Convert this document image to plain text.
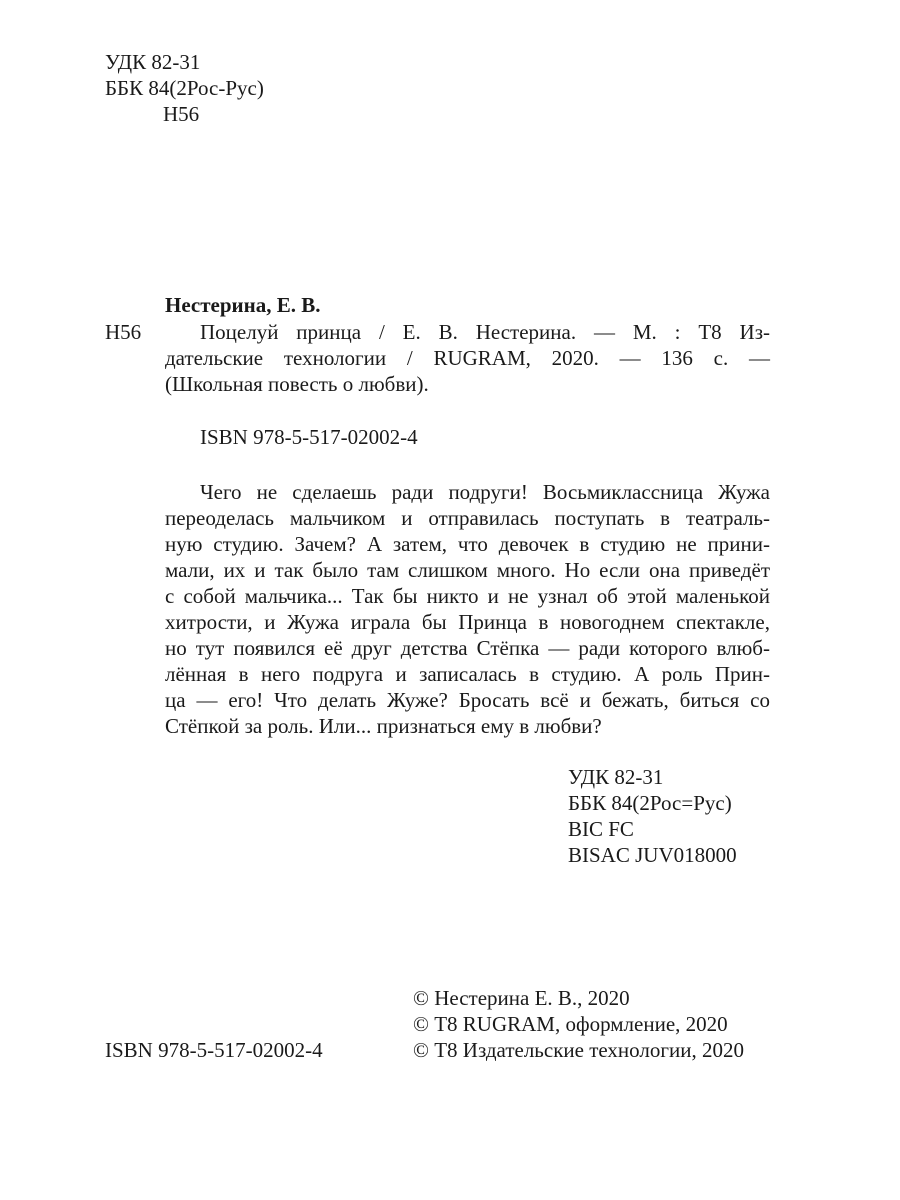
УДК 82-31
ББК 84(2Рос-Рус)
Н56
Нестерина, Е. В.
Н56	Поцелуй принца / Е. В. Нестерина. — М. : Т8 Из-
дательские технологии / RUGRAM, 2020. — 136 с. —
(Школьная повесть о любви).
ISBN 978-5-517-02002-4
Чего не сделаешь ради подруги! Восьмиклассница Жужа
переоделась мальчиком и отправилась поступать в театраль-
ную студию. Зачем? А затем, что девочек в студию не прини-
мали, их и так было там слишком много. Но если она приведёт
с собой мальчика... Так бы никто и не узнал об этой маленькой
хитрости, и Жужа играла бы Принца в новогоднем спектакле,
но тут появился её друг детства Стёпка — ради которого влюб-
лённая в него подруга и записалась в студию. А роль Прин-
ца — его! Что делать Жуже? Бросать всё и бежать, биться со
Стёпкой за роль. Или... признаться ему в любви?
УДК 82-31
ББК 84(2Рос=Рус)
BIC FC
BISAC JUV018000
© Нестерина Е. В., 2020
© Т8 RUGRAM, оформление, 2020
© Т8 Издательские технологии, 2020
ISBN 978-5-517-02002-4
